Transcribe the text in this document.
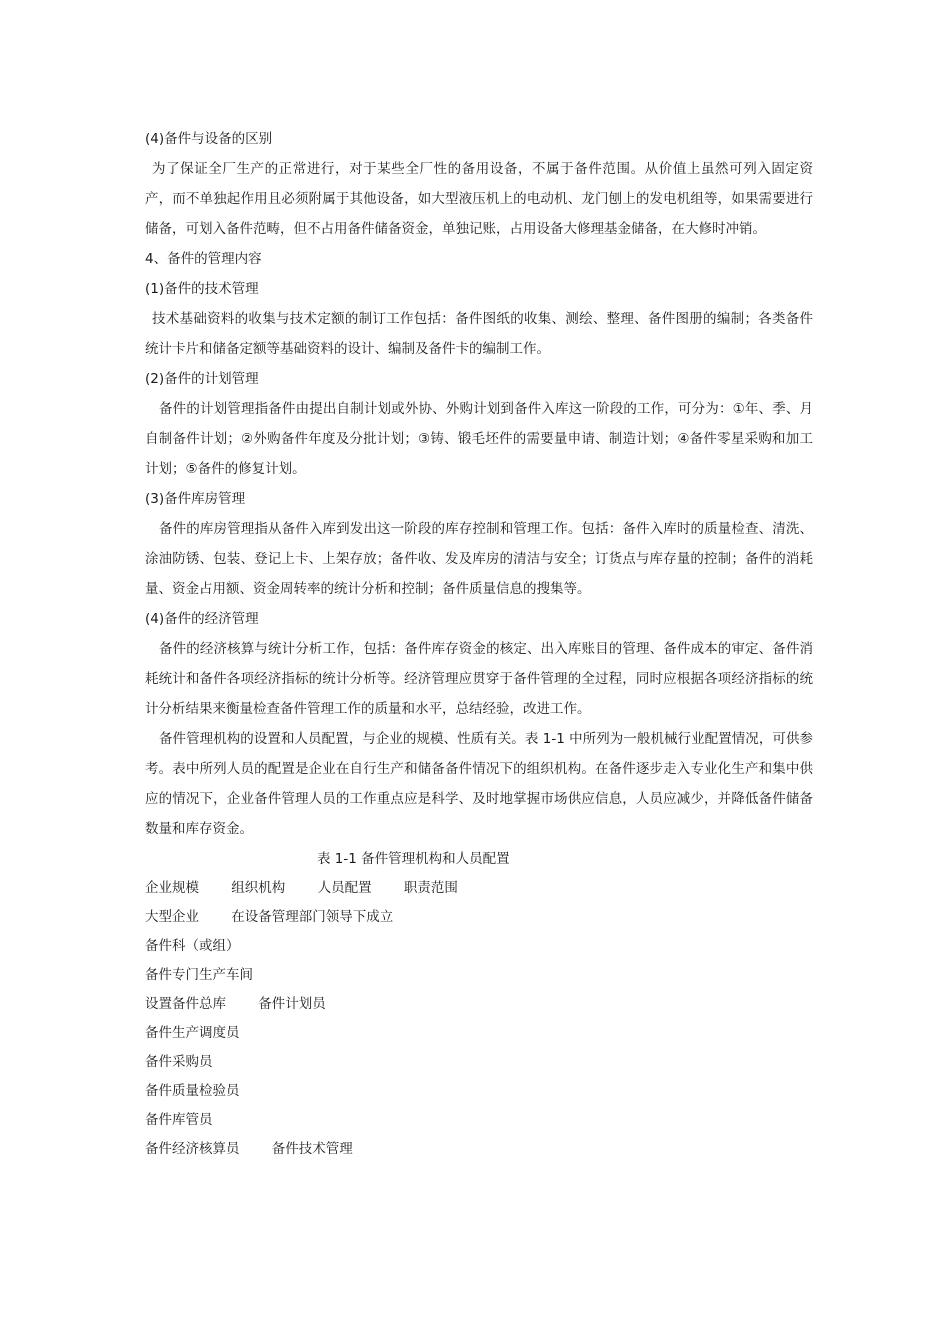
(4)备件与设备的区别

为了保证全厂生产的正常进行，对于某些全厂性的备用设备，不属于备件范围。从价值上虽然可列入固定资产，而不单独起作用且必须附属于其他设备，如大型液压机上的电动机、龙门刨上的发电机组等，如果需要进行储备，可划入备件范畴，但不占用备件储备资金，单独记账，占用设备大修理基金储备，在大修时冲销。

4、备件的管理内容

(1)备件的技术管理

技术基础资料的收集与技术定额的制订工作包括：备件图纸的收集、测绘、整理、备件图册的编制；各类备件统计卡片和储备定额等基础资料的设计、编制及备件卡的编制工作。

(2)备件的计划管理

备件的计划管理指备件由提出自制计划或外协、外购计划到备件入库这一阶段的工作，可分为：①年、季、月自制备件计划；②外购备件年度及分批计划；③铸、锻毛坯件的需要量申请、制造计划；④备件零星采购和加工计划；⑤备件的修复计划。

(3)备件库房管理

备件的库房管理指从备件入库到发出这一阶段的库存控制和管理工作。包括：备件入库时的质量检查、清洗、涂油防锈、包装、登记上卡、上架存放；备件收、发及库房的清洁与安全；订货点与库存量的控制；备件的消耗量、资金占用额、资金周转率的统计分析和控制；备件质量信息的搜集等。

(4)备件的经济管理

备件的经济核算与统计分析工作，包括：备件库存资金的核定、出入库账目的管理、备件成本的审定、备件消耗统计和备件各项经济指标的统计分析等。经济管理应贯穿于备件管理的全过程，同时应根据各项经济指标的统计分析结果来衡量检查备件管理工作的质量和水平，总结经验，改进工作。

备件管理机构的设置和人员配置，与企业的规模、性质有关。表 1-1 中所列为一般机械行业配置情况，可供参考。表中所列人员的配置是企业在自行生产和储备备件情况下的组织机构。在备件逐步走入专业化生产和集中供应的情况下，企业备件管理人员的工作重点应是科学、及时地掌握市场供应信息，人员应减少，并降低备件储备数量和库存资金。

表 1-1 备件管理机构和人员配置

企业规模 组织机构 人员配置 职责范围

大型企业 在设备管理部门领导下成立

备件科（或组）

备件专门生产车间

设置备件总库 备件计划员

备件生产调度员

备件采购员

备件质量检验员

备件库管员

备件经济核算员 备件技术管理
